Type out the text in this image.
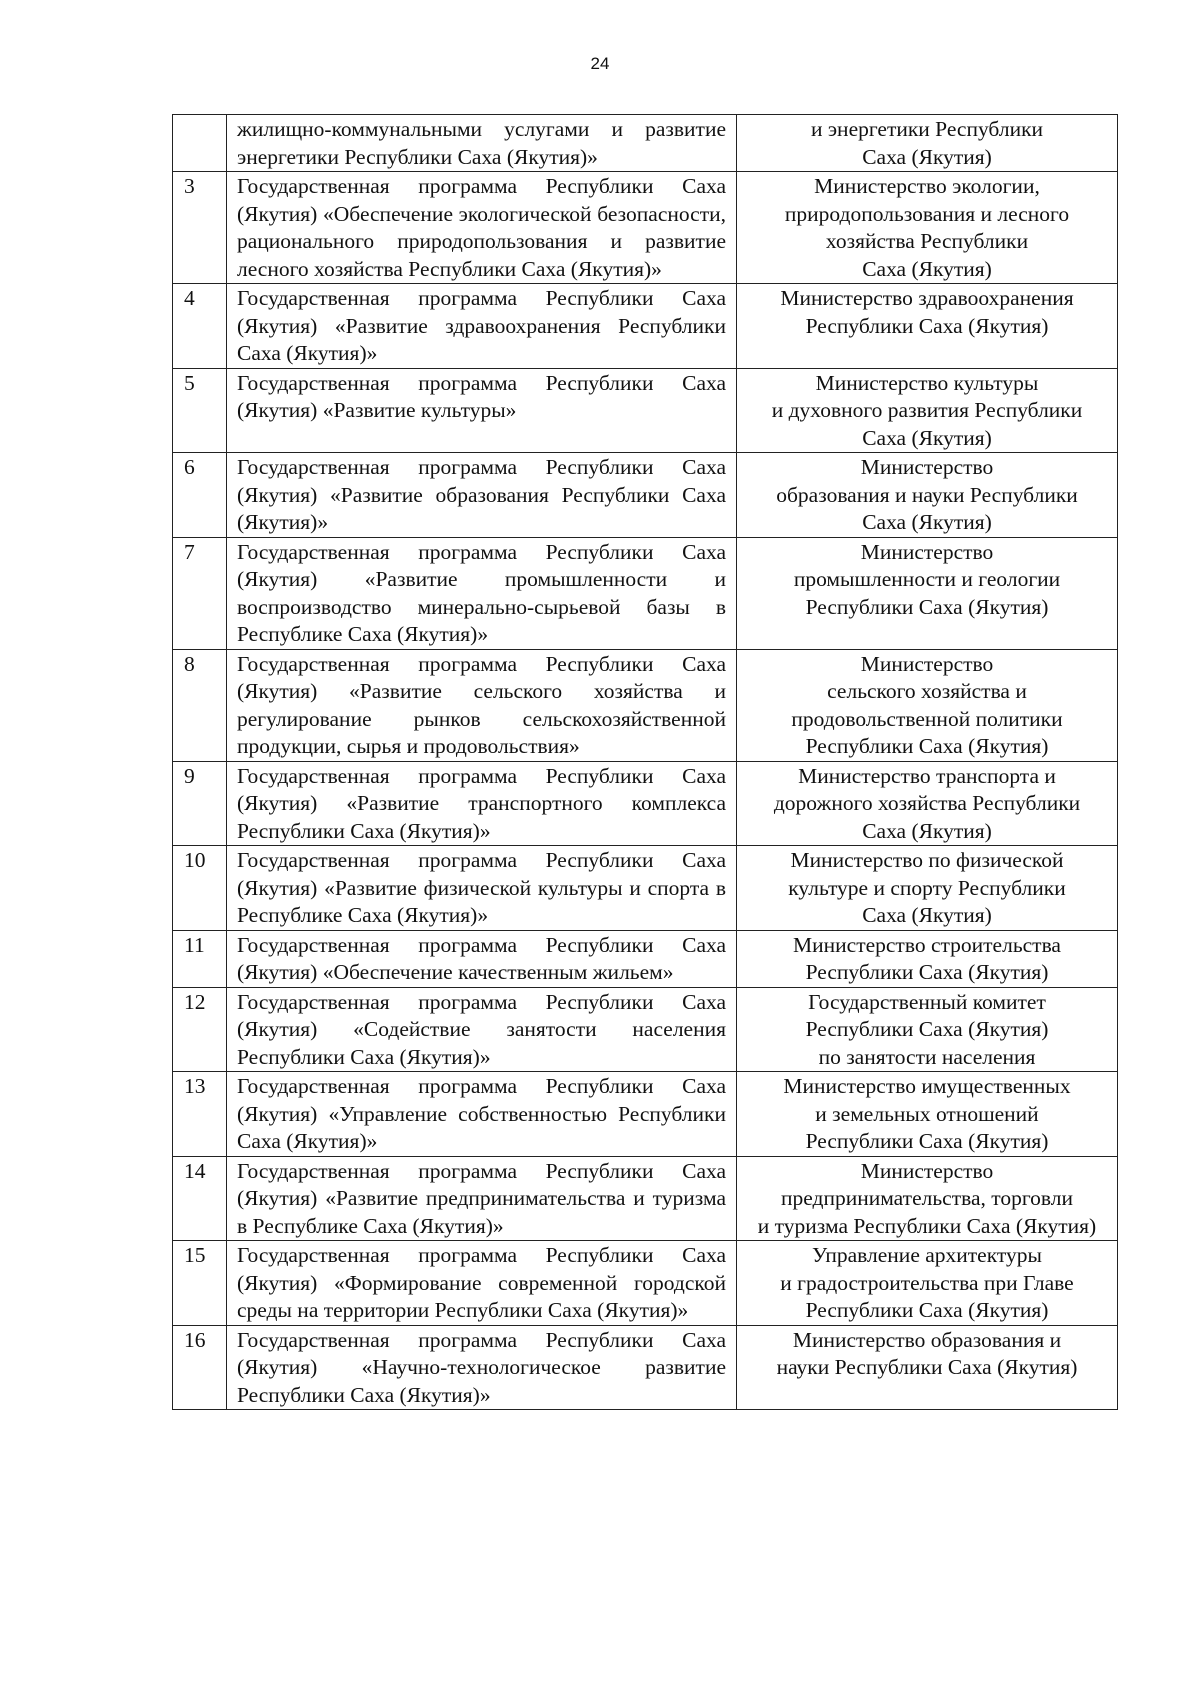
24
	жилищно-коммунальными услугами и развитие энергетики Республики Саха (Якутия)»	и энергетики Республики
Саха (Якутия)

3	Государственная программа Республики Саха (Якутия) «Обеспечение экологической безопасности, рационального природопользования и развитие лесного хозяйства Республики Саха (Якутия)»	Министерство экологии,
природопользования и лесного
хозяйства Республики
Саха (Якутия)

4	Государственная программа Республики Саха (Якутия) «Развитие здравоохранения Республики Саха (Якутия)»	Министерство здравоохранения
Республики Саха (Якутия)

5	Государственная программа Республики Саха (Якутия) «Развитие культуры»	Министерство культуры
и духовного развития Республики
Саха (Якутия)

6	Государственная программа Республики Саха (Якутия) «Развитие образования Республики Саха (Якутия)»	Министерство
образования и науки Республики
Саха (Якутия)

7	Государственная программа Республики Саха (Якутия) «Развитие промышленности и воспроизводство минерально-сырьевой базы в Республике Саха (Якутия)»	Министерство
промышленности и геологии
Республики Саха (Якутия)

8	Государственная программа Республики Саха (Якутия) «Развитие сельского хозяйства и регулирование рынков сельскохозяйственной продукции, сырья и продовольствия»	Министерство
сельского хозяйства и
продовольственной политики
Республики Саха (Якутия)

9	Государственная программа Республики Саха (Якутия) «Развитие транспортного комплекса Республики Саха (Якутия)»	Министерство транспорта и
дорожного хозяйства Республики
Саха (Якутия)

10	Государственная программа Республики Саха (Якутия) «Развитие физической культуры и спорта в Республике Саха (Якутия)»	Министерство по физической
культуре и спорту Республики
Саха (Якутия)

11	Государственная программа Республики Саха (Якутия) «Обеспечение качественным жильем»	Министерство строительства
Республики Саха (Якутия)

12	Государственная программа Республики Саха (Якутия) «Содействие занятости населения Республики Саха (Якутия)»	Государственный комитет
Республики Саха (Якутия)
по занятости населения

13	Государственная программа Республики Саха (Якутия) «Управление собственностью Республики Саха (Якутия)»	Министерство имущественных
и земельных отношений
Республики Саха (Якутия)

14	Государственная программа Республики Саха (Якутия) «Развитие предпринимательства и туризма в Республике Саха (Якутия)»	Министерство
предпринимательства, торговли
и туризма Республики Саха (Якутия)

15	Государственная программа Республики Саха (Якутия) «Формирование современной городской среды на территории Республики Саха (Якутия)»	Управление архитектуры
и градостроительства при Главе
Республики Саха (Якутия)

16	Государственная программа Республики Саха (Якутия) «Научно-технологическое развитие Республики Саха (Якутия)»	Министерство образования и
науки Республики Саха (Якутия)
